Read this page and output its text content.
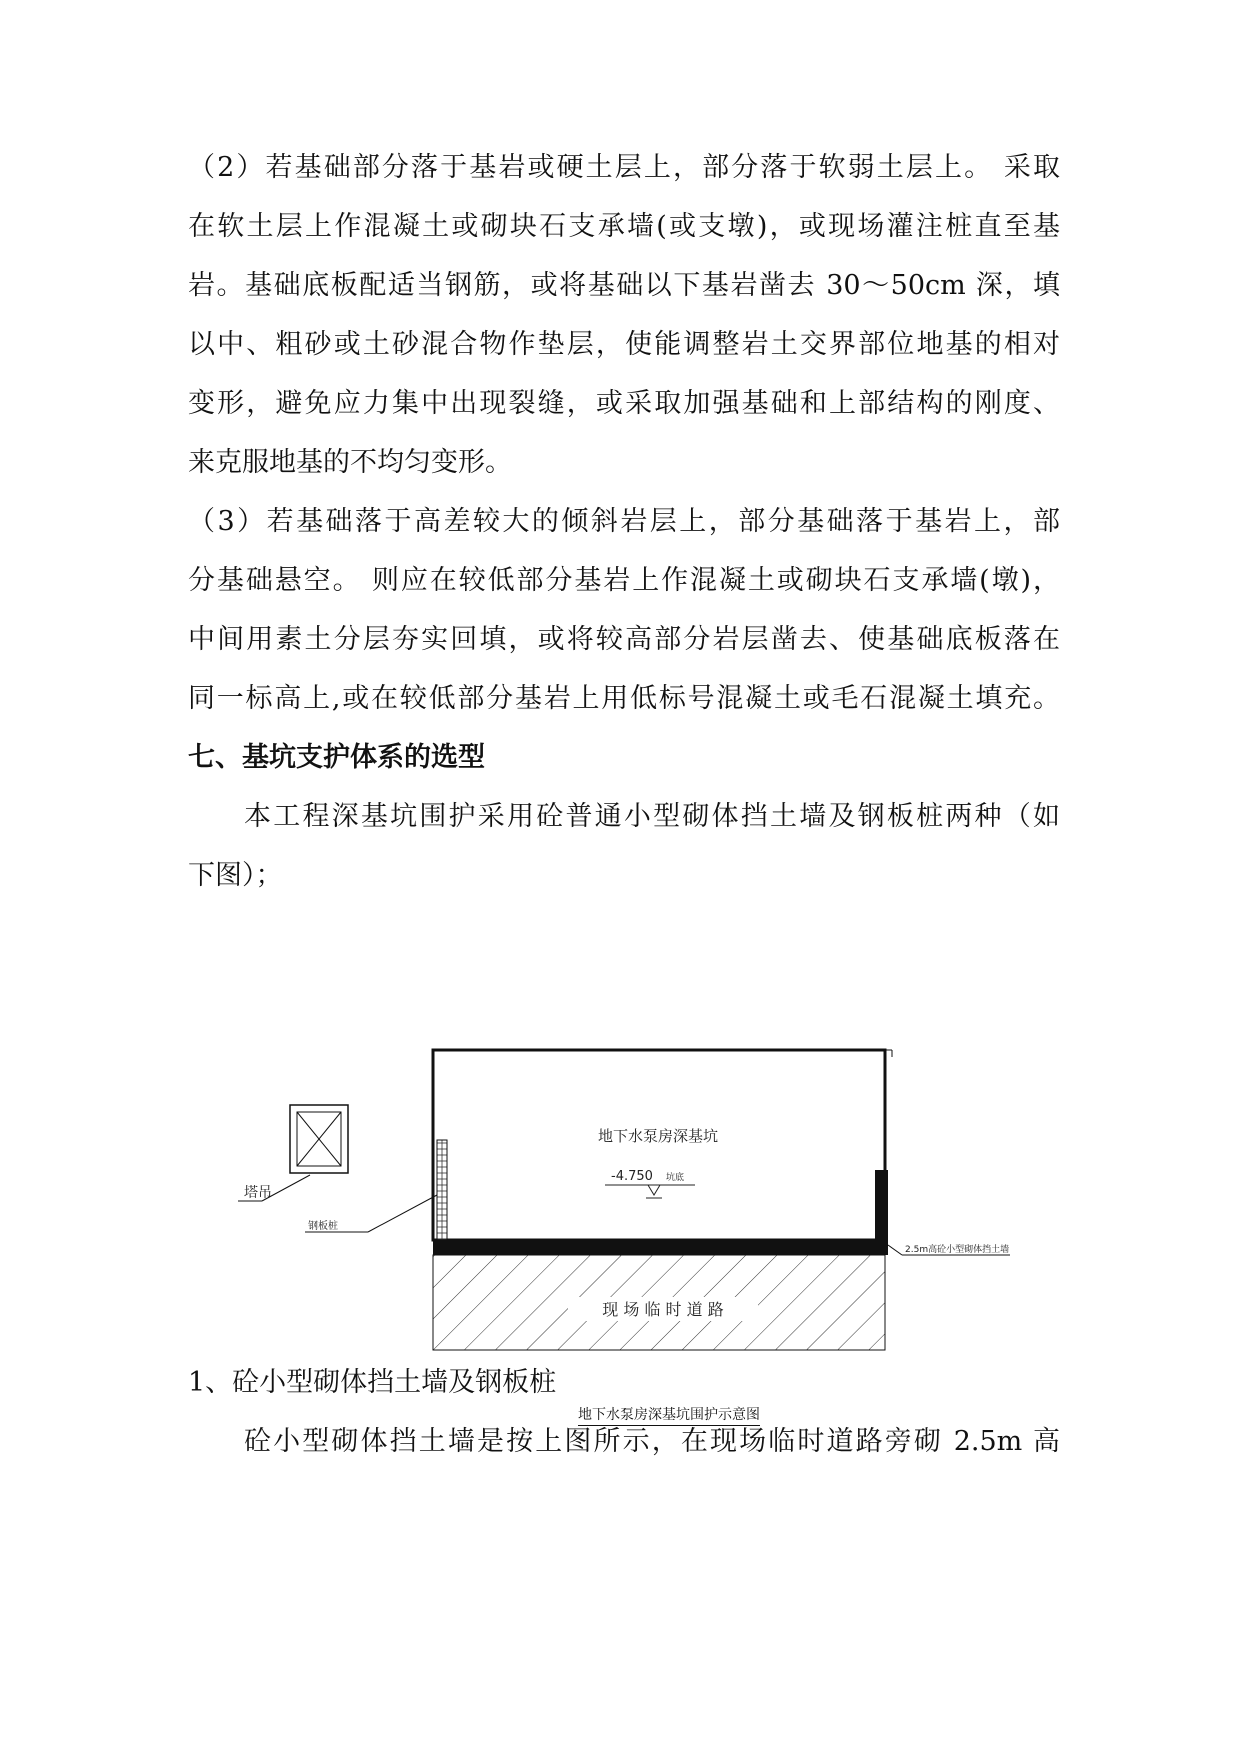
（2）若基础部分落于基岩或硬土层上，部分落于软弱土层上。 采取
在软土层上作混凝土或砌块石支承墙(或支墩)，或现场灌注桩直至基
岩。基础底板配适当钢筋，或将基础以下基岩凿去 30～50cm 深，填
以中、粗砂或土砂混合物作垫层，使能调整岩土交界部位地基的相对
变形，避免应力集中出现裂缝，或采取加强基础和上部结构的刚度、
来克服地基的不均匀变形。
（3）若基础落于高差较大的倾斜岩层上，部分基础落于基岩上，部
分基础悬空。 则应在较低部分基岩上作混凝土或砌块石支承墙(墩)，
中间用素土分层夯实回填，或将较高部分岩层凿去、使基础底板落在
同一标高上,或在较低部分基岩上用低标号混凝土或毛石混凝土填充。
七、基坑支护体系的选型
本工程深基坑围护采用砼普通小型砌体挡土墙及钢板桩两种（如
下图）；
地下水泵房深基坑
-4.750 坑底
塔吊
钢板桩
2.5m高砼小型砌体挡土墙
现 场 临 时 道 路
地下水泵房深基坑围护示意图
1、砼小型砌体挡土墙及钢板桩
砼小型砌体挡土墙是按上图所示，在现场临时道路旁砌 2.5m 高
